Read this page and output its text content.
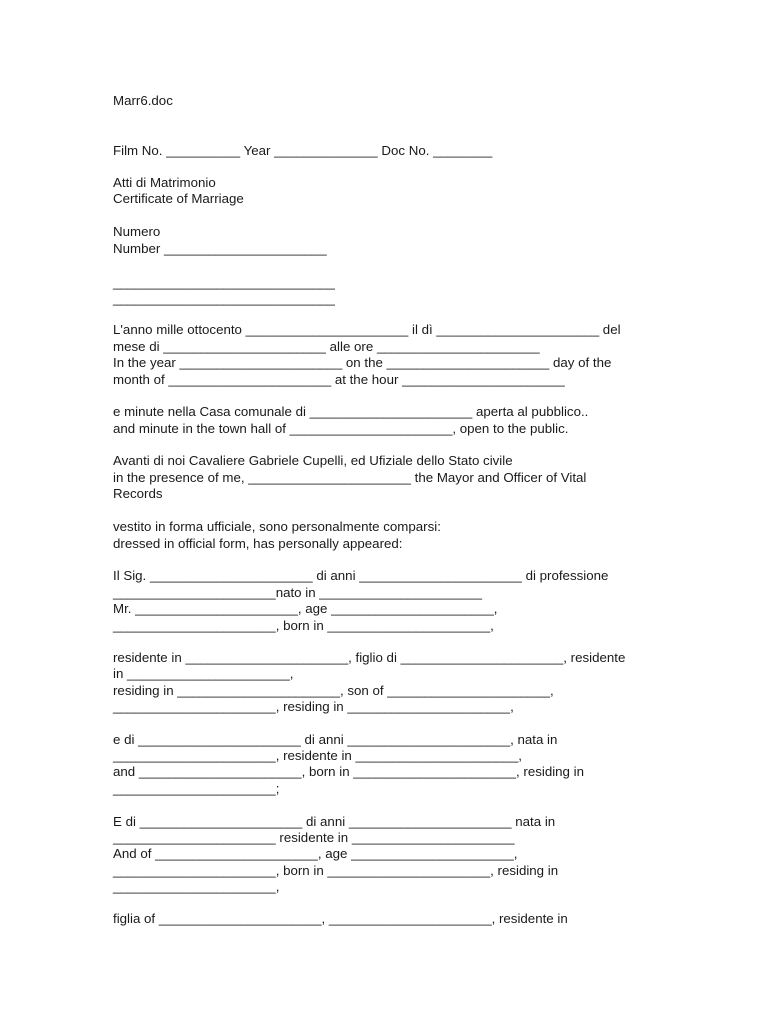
Marr6.doc
Film No. __________ Year ______________ Doc No. ________
Atti di Matrimonio
Certificate of Marriage
Numero
Number ______________________
______________________________
______________________________
L'anno mille ottocento ______________________ il dì ______________________ del
mese di ______________________ alle ore ______________________
In the year ______________________ on the ______________________ day of the
month of ______________________ at the hour ______________________
e minute nella Casa comunale di ______________________ aperta al pubblico..
and minute in the town hall of ______________________, open to the public.
Avanti di noi Cavaliere Gabriele Cupelli, ed Ufiziale dello Stato civile
in the presence of me, ______________________ the Mayor and Officer of Vital
Records
vestito in forma ufficiale, sono personalmente comparsi:
dressed in official form, has personally appeared:
Il Sig. ______________________ di anni ______________________ di professione
______________________nato in ______________________
Mr. ______________________, age ______________________,
______________________, born in ______________________,
residente in ______________________, figlio di ______________________, residente
in ______________________,
residing in ______________________, son of ______________________,
______________________, residing in ______________________,
e di ______________________ di anni ______________________, nata in
______________________, residente in ______________________,
and ______________________, born in ______________________, residing in
______________________;
E di ______________________ di anni ______________________ nata in
______________________ residente in ______________________
And of ______________________, age ______________________,
______________________, born in ______________________, residing in
______________________,
figlia of ______________________, ______________________, residente in
